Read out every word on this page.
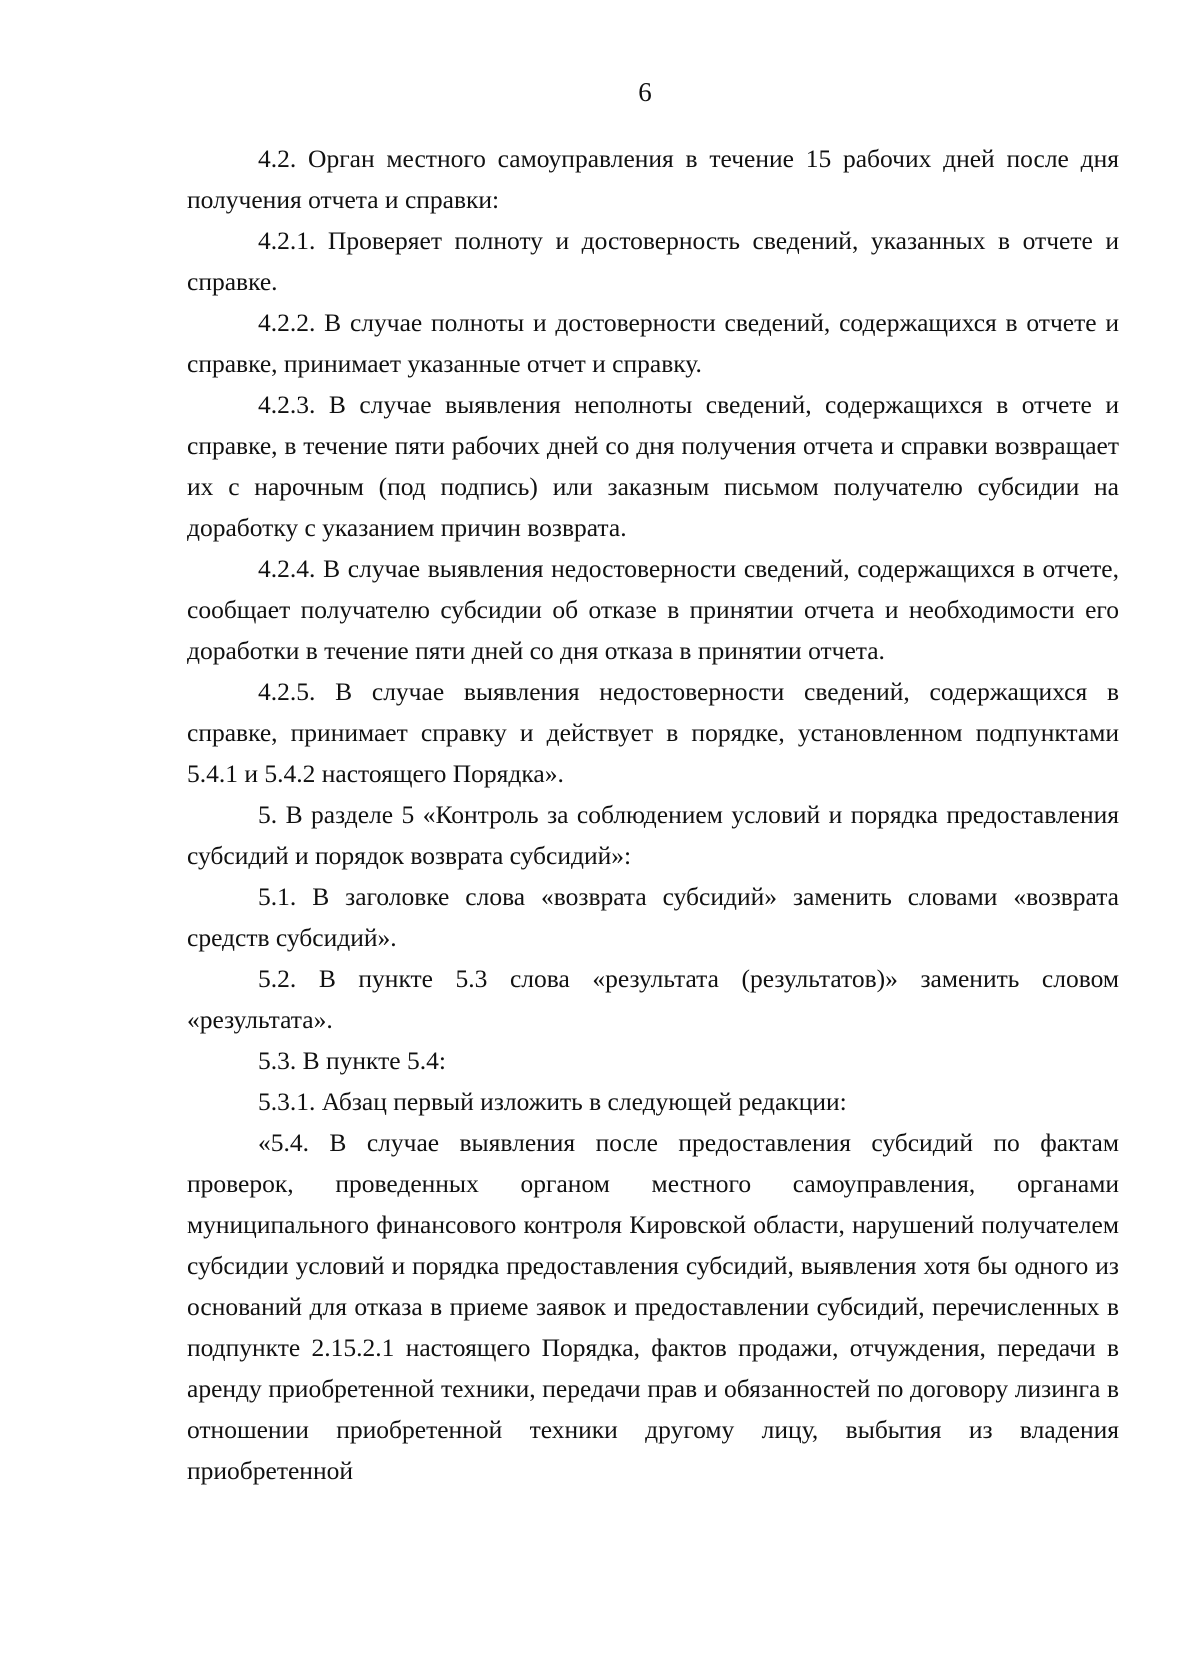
6

4.2. Орган местного самоуправления в течение 15 рабочих дней после дня получения отчета и справки:

4.2.1. Проверяет полноту и достоверность сведений, указанных в отчете и справке.

4.2.2. В случае полноты и достоверности сведений, содержащихся в отчете и справке, принимает указанные отчет и справку.

4.2.3. В случае выявления неполноты сведений, содержащихся в отчете и справке, в течение пяти рабочих дней со дня получения отчета и справки возвращает их с нарочным (под подпись) или заказным письмом получателю субсидии на доработку с указанием причин возврата.

4.2.4. В случае выявления недостоверности сведений, содержащихся в отчете, сообщает получателю субсидии об отказе в принятии отчета и необходимости его доработки в течение пяти дней со дня отказа в принятии отчета.

4.2.5. В случае выявления недостоверности сведений, содержащихся в справке, принимает справку и действует в порядке, установленном подпунктами 5.4.1 и 5.4.2 настоящего Порядка».

5. В разделе 5 «Контроль за соблюдением условий и порядка предоставления субсидий и порядок возврата субсидий»:

5.1. В заголовке слова «возврата субсидий» заменить словами «возврата средств субсидий».

5.2. В пункте 5.3 слова «результата (результатов)» заменить словом «результата».

5.3. В пункте 5.4:

5.3.1. Абзац первый изложить в следующей редакции:

«5.4. В случае выявления после предоставления субсидий по фактам проверок, проведенных органом местного самоуправления, органами муниципального финансового контроля Кировской области, нарушений получателем субсидии условий и порядка предоставления субсидий, выявления хотя бы одного из оснований для отказа в приеме заявок и предоставлении субсидий, перечисленных в подпункте 2.15.2.1 настоящего Порядка, фактов продажи, отчуждения, передачи в аренду приобретенной техники, передачи прав и обязанностей по договору лизинга в отношении приобретенной техники другому лицу, выбытия из владения приобретенной
